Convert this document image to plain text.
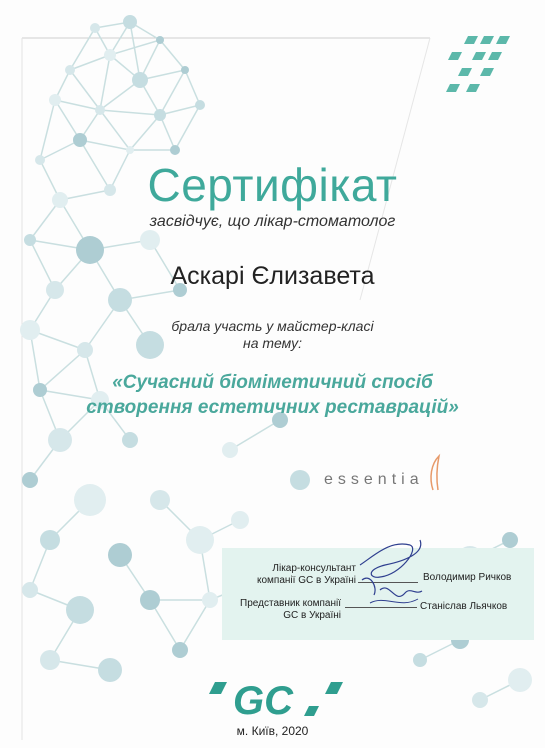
Сертифікат
засвідчує, що лікар-стоматолог
Аскарі Єлизавета
брала участь у майстер-класі
на тему:
«Сучасний біоміметичний спосіб
створення естетичних реставрацій»
essentia
Лікар-консультант
компанії GC в Україні	Володимир Ричков
Представник компанії
GC в Україні
Станіслав Льячков
GC
м. Київ, 2020
